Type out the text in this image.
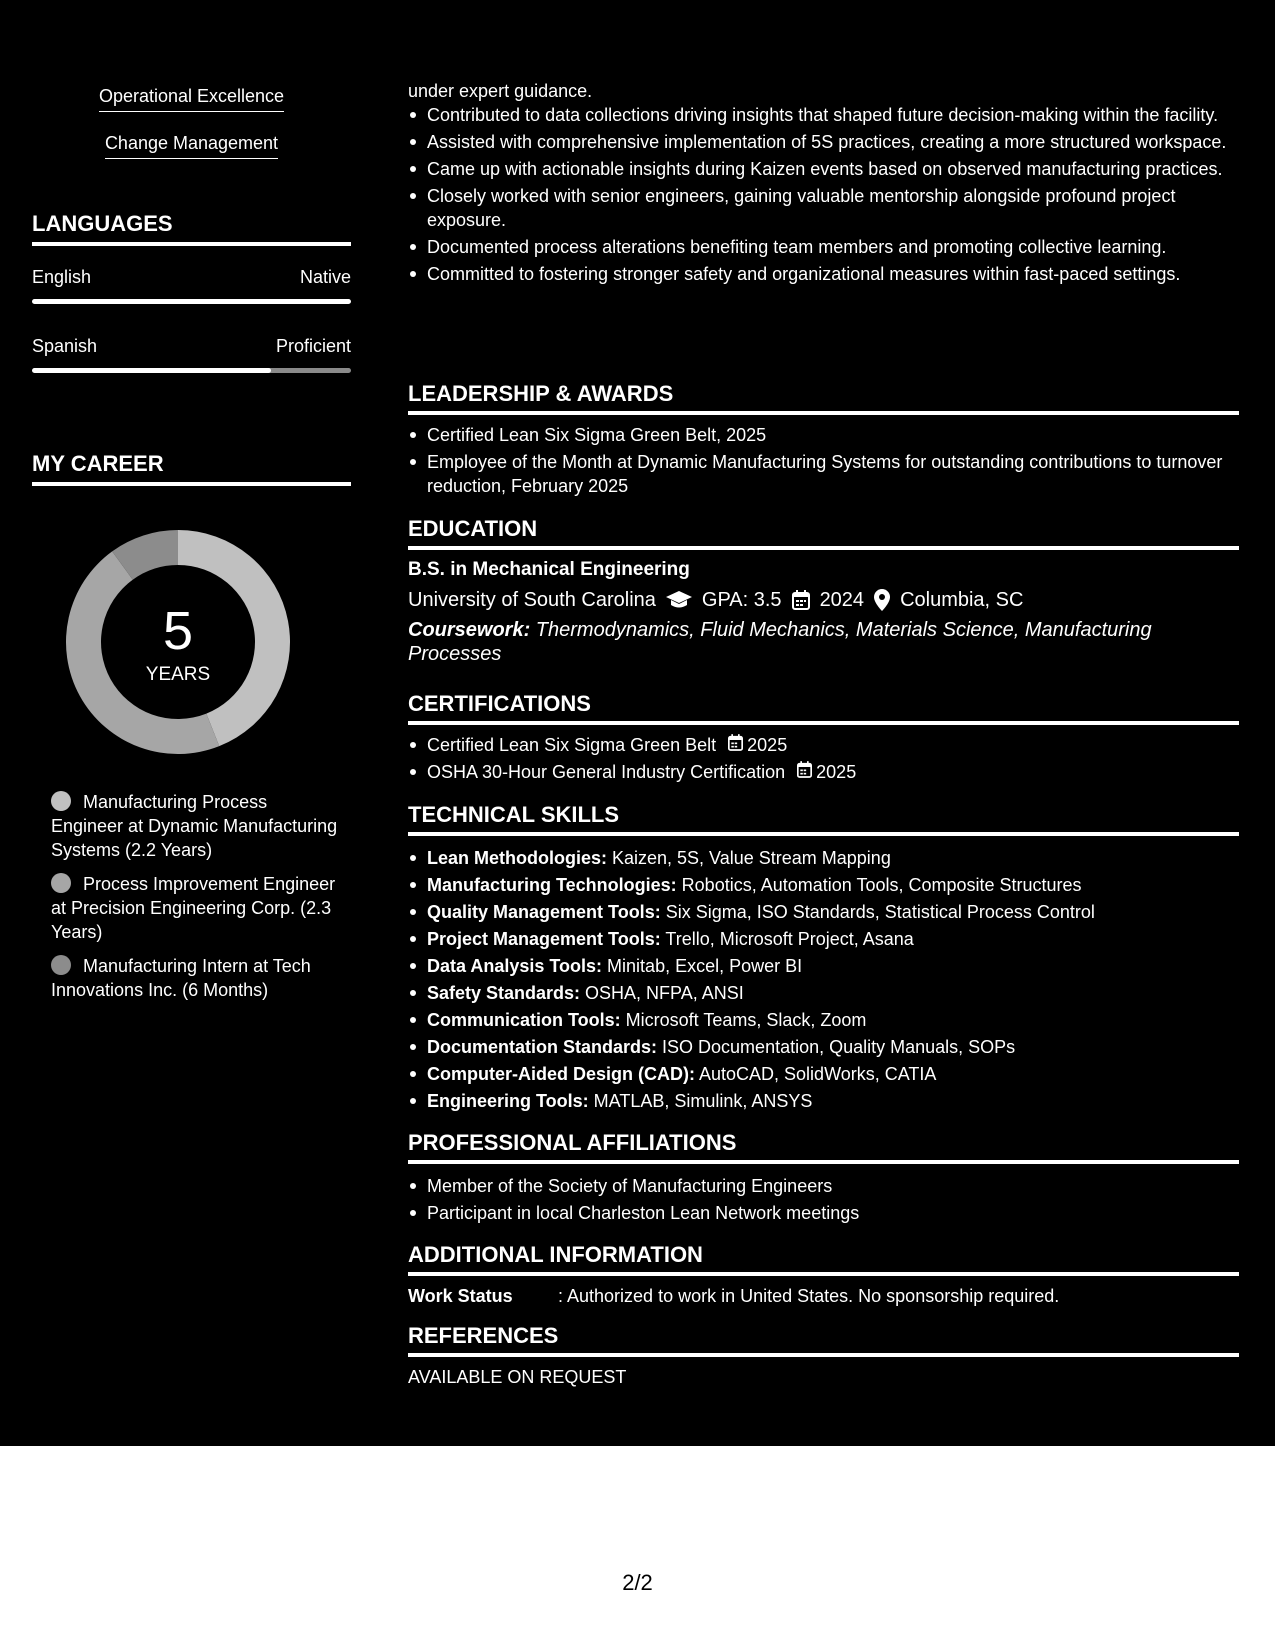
Operational Excellence
Change Management
LANGUAGES
English	Native
Spanish	Proficient
MY CAREER
5
YEARS
Manufacturing Process Engineer at Dynamic Manufacturing Systems (2.2 Years)
Process Improvement Engineer at Precision Engineering Corp. (2.3 Years)
Manufacturing Intern at Tech Innovations Inc. (6 Months)
under expert guidance.
Contributed to data collections driving insights that shaped future decision-making within the facility.
Assisted with comprehensive implementation of 5S practices, creating a more structured workspace.
Came up with actionable insights during Kaizen events based on observed manufacturing practices.
Closely worked with senior engineers, gaining valuable mentorship alongside profound project exposure.
Documented process alterations benefiting team members and promoting collective learning.
Committed to fostering stronger safety and organizational measures within fast-paced settings.
LEADERSHIP & AWARDS
Certified Lean Six Sigma Green Belt, 2025
Employee of the Month at Dynamic Manufacturing Systems for outstanding contributions to turnover reduction, February 2025
EDUCATION
B.S. in Mechanical Engineering
University of South Carolina GPA: 3.5 2024 Columbia, SC
Coursework: Thermodynamics, Fluid Mechanics, Materials Science, Manufacturing Processes
CERTIFICATIONS
Certified Lean Six Sigma Green Belt 2025
OSHA 30-Hour General Industry Certification 2025
TECHNICAL SKILLS
Lean Methodologies: Kaizen, 5S, Value Stream Mapping
Manufacturing Technologies: Robotics, Automation Tools, Composite Structures
Quality Management Tools: Six Sigma, ISO Standards, Statistical Process Control
Project Management Tools: Trello, Microsoft Project, Asana
Data Analysis Tools: Minitab, Excel, Power BI
Safety Standards: OSHA, NFPA, ANSI
Communication Tools: Microsoft Teams, Slack, Zoom
Documentation Standards: ISO Documentation, Quality Manuals, SOPs
Computer-Aided Design (CAD): AutoCAD, SolidWorks, CATIA
Engineering Tools: MATLAB, Simulink, ANSYS
PROFESSIONAL AFFILIATIONS
Member of the Society of Manufacturing Engineers
Participant in local Charleston Lean Network meetings
ADDITIONAL INFORMATION
Work Status	: Authorized to work in United States. No sponsorship required.
REFERENCES
AVAILABLE ON REQUEST
2/2
